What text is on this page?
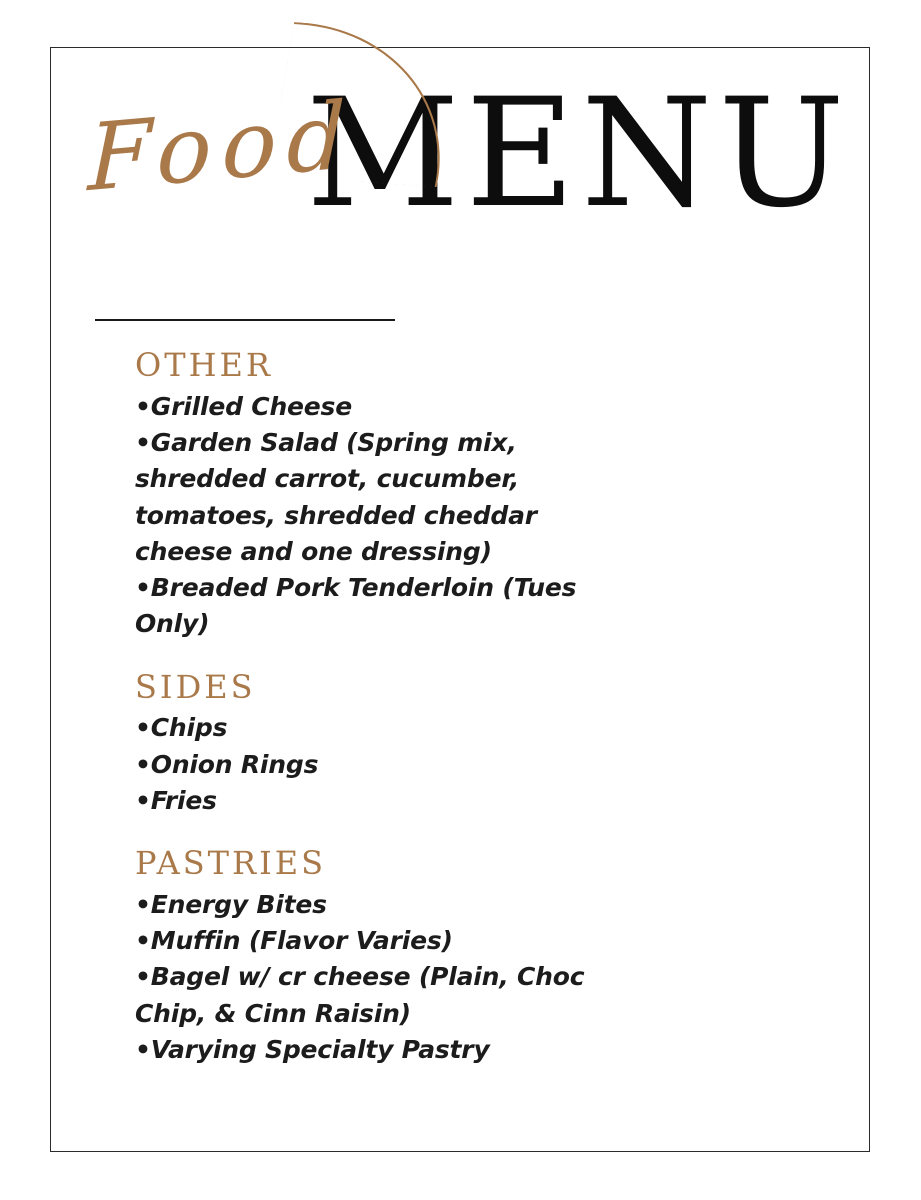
Food
MENU
OTHER
•Grilled Cheese
•Garden Salad (Spring mix, shredded carrot, cucumber, tomatoes, shredded cheddar cheese and one dressing)
•Breaded Pork Tenderloin (Tues Only)
SIDES
•Chips
•Onion Rings
•Fries
PASTRIES
•Energy Bites
•Muffin (Flavor Varies)
•Bagel w/ cr cheese (Plain, Choc Chip, & Cinn Raisin)
•Varying Specialty Pastry
